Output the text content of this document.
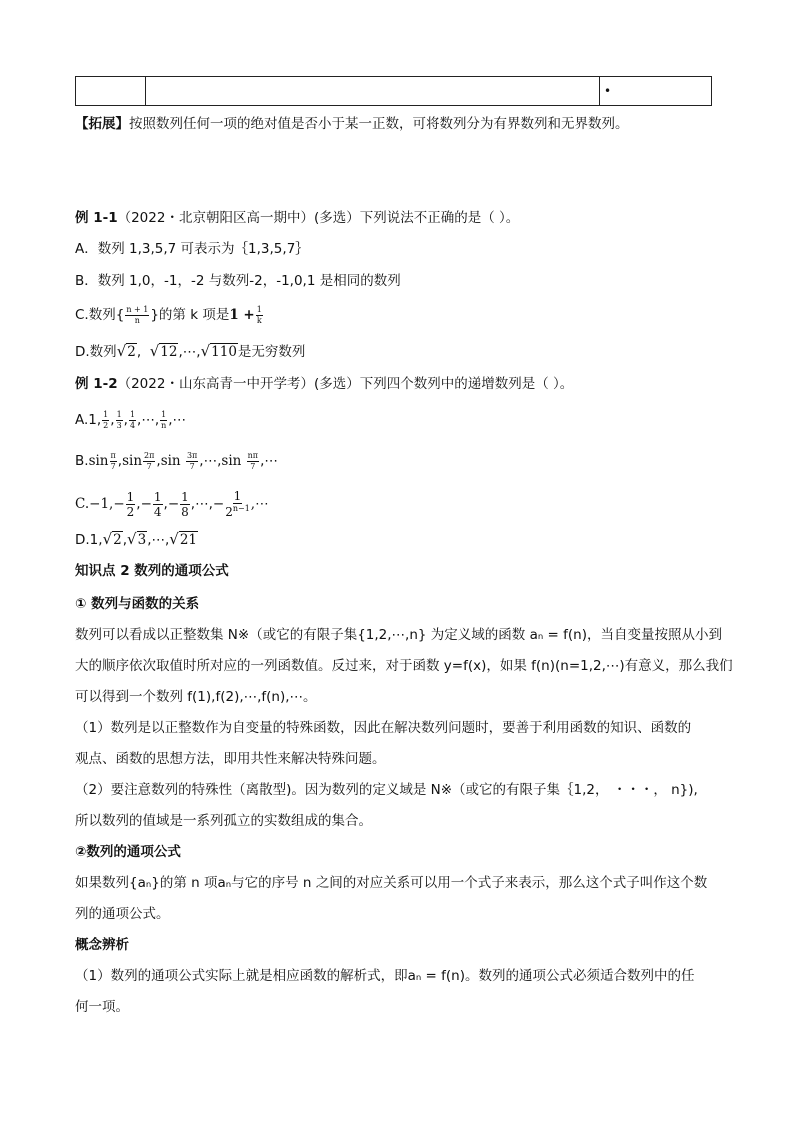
		•
【拓展】按照数列任何一项的绝对值是否小于某一正数，可将数列分为有界数列和无界数列。
例 1-1（2022・北京朝阳区高一期中）(多选）下列说法不正确的是（ ）。
A．数列 1,3,5,7 可表示为｛1,3,5,7｝
B．数列 1,0，-1，-2 与数列-2，-1,0,1 是相同的数列
C.数列{ $\frac{n + 1}{n}$ }的第 k 项是$1 + \frac{1}{k}$
D.数列√2, √12,⋯,√110是无穷数列
例 1-2（2022・山东高青一中开学考）(多选）下列四个数列中的递增数列是（ ）。
A.1, $\frac{1}{2}$ , $\frac{1}{3}$ , $\frac{1}{4}$ ,⋯, $\frac{1}{n}$ ,⋯
$B.\sin \frac{\pi}{7} ,\sin \frac{2\pi}{7} ,\sin \frac{3\pi}{7}$ ,⋯,sin $\frac{n\pi}{7}$ ,⋯
$C.-1,- \frac{1}{2}$ ,− $\frac{1}{4}$ ,− $\frac{1}{8}$ ,⋯,− $\frac{1}{2^{n-1}}$ ,⋯
D.1,√2,√3,⋯,√21
知识点 2 数列的通项公式
① 数列与函数的关系
数列可以看成以正整数集 N※（或它的有限子集{1,2,⋯,n} 为定义域的函数 aₙ = f(n)，当自变量按照从小到
大的顺序依次取值时所对应的一列函数值。反过来，对于函数 y=f(x)，如果 f(n)(n=1,2,⋯)有意义，那么我们
可以得到一个数列 f(1),f(2),⋯,f(n),⋯。
（1）数列是以正整数作为自变量的特殊函数，因此在解决数列问题时，要善于利用函数的知识、函数的
观点、函数的思想方法，即用共性来解决特殊问题。
（2）要注意数列的特殊性（离散型)。因为数列的定义域是 N※（或它的有限子集｛1,2， ・・・， n}),
所以数列的值域是一系列孤立的实数组成的集合。
②数列的通项公式
如果数列{aₙ}的第 n 项aₙ与它的序号 n 之间的对应关系可以用一个式子来表示，那么这个式子叫作这个数
列的通项公式。
概念辨析
（1）数列的通项公式实际上就是相应函数的解析式，即aₙ = f(n)。数列的通项公式必须适合数列中的任
何一项。
